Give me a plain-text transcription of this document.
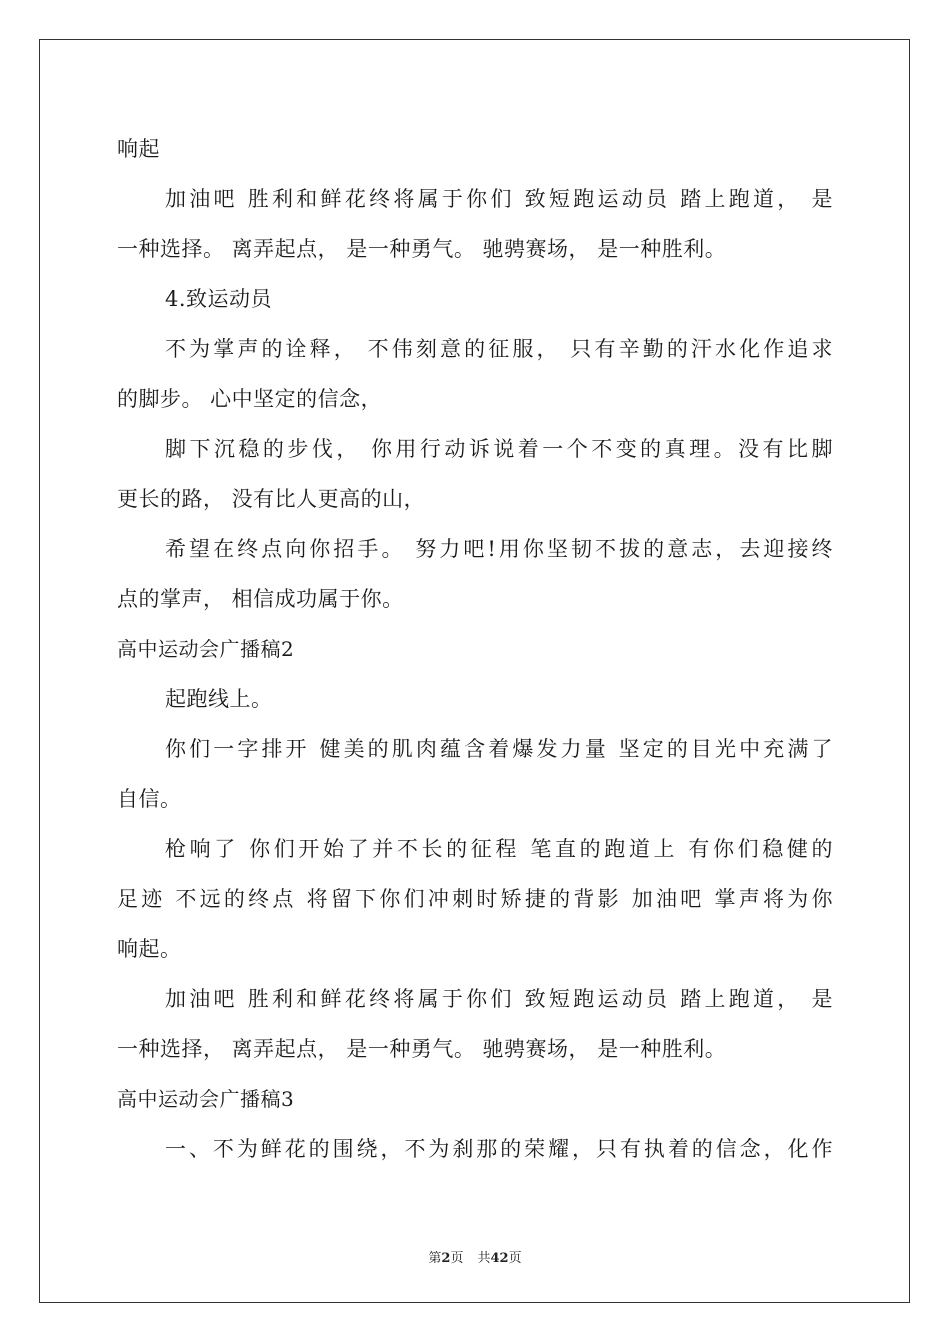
响起
加油吧 胜利和鲜花终将属于你们 致短跑运动员 踏上跑道， 是
一种选择。 离弄起点， 是一种勇气。 驰骋赛场， 是一种胜利。
4.致运动员
不为掌声的诠释， 不伟刻意的征服， 只有辛勤的汗水化作追求
的脚步。 心中坚定的信念，
脚下沉稳的步伐， 你用行动诉说着一个不变的真理。没有比脚
更长的路， 没有比人更高的山，
希望在终点向你招手。 努力吧!用你坚韧不拔的意志，去迎接终
点的掌声， 相信成功属于你。
高中运动会广播稿2
起跑线上。
你们一字排开 健美的肌肉蕴含着爆发力量 坚定的目光中充满了
自信。
枪响了 你们开始了并不长的征程 笔直的跑道上 有你们稳健的
足迹 不远的终点 将留下你们冲刺时矫捷的背影 加油吧 掌声将为你
响起。
加油吧 胜利和鲜花终将属于你们 致短跑运动员 踏上跑道， 是
一种选择， 离弄起点， 是一种勇气。 驰骋赛场， 是一种胜利。
高中运动会广播稿3
一、不为鲜花的围绕，不为刹那的荣耀，只有执着的信念，化作
第2页 共42页
